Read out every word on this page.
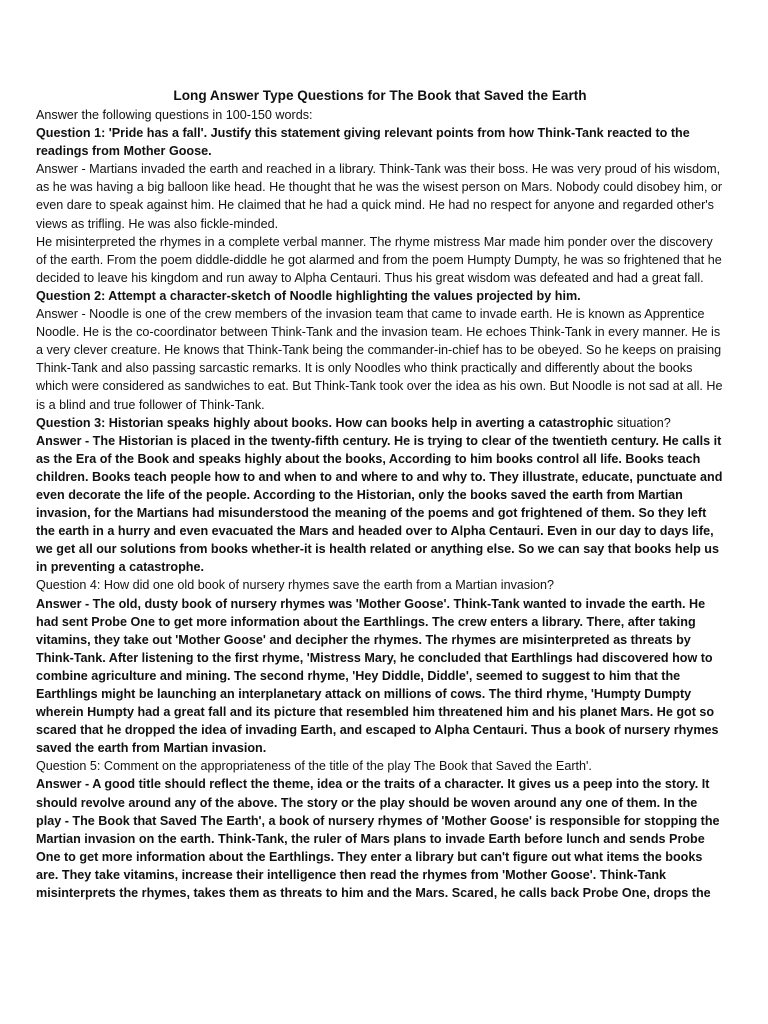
Long Answer Type Questions for The Book that Saved the Earth

Answer the following questions in 100-150 words:

Question 1: 'Pride has a fall'. Justify this statement giving relevant points from how Think-Tank reacted to the readings from Mother Goose.

Answer - Martians invaded the earth and reached in a library. Think-Tank was their boss. He was very proud of his wisdom, as he was having a big balloon like head. He thought that he was the wisest person on Mars. Nobody could disobey him, or even dare to speak against him. He claimed that he had a quick mind. He had no respect for anyone and regarded other's views as trifling. He was also fickle-minded.

He misinterpreted the rhymes in a complete verbal manner. The rhyme mistress Mar made him ponder over the discovery of the earth. From the poem diddle-diddle he got alarmed and from the poem Humpty Dumpty, he was so frightened that he decided to leave his kingdom and run away to Alpha Centauri. Thus his great wisdom was defeated and had a great fall.

Question 2: Attempt a character-sketch of Noodle highlighting the values projected by him.

Answer - Noodle is one of the crew members of the invasion team that came to invade earth. He is known as Apprentice Noodle. He is the co-coordinator between Think-Tank and the invasion team. He echoes Think-Tank in every manner. He is a very clever creature. He knows that Think-Tank being the commander-in-chief has to be obeyed. So he keeps on praising Think-Tank and also passing sarcastic remarks. It is only Noodles who think practically and differently about the books which were considered as sandwiches to eat. But Think-Tank took over the idea as his own. But Noodle is not sad at all. He is a blind and true follower of Think-Tank.

Question 3: Historian speaks highly about books. How can books help in averting a catastrophic situation?

Answer - The Historian is placed in the twenty-fifth century. He is trying to clear of the twentieth century. He calls it as the Era of the Book and speaks highly about the books, According to him books control all life. Books teach children. Books teach people how to and when to and where to and why to. They illustrate, educate, punctuate and even decorate the life of the people. According to the Historian, only the books saved the earth from Martian invasion, for the Martians had misunderstood the meaning of the poems and got frightened of them. So they left the earth in a hurry and even evacuated the Mars and headed over to Alpha Centauri. Even in our day to days life, we get all our solutions from books whether-it is health related or anything else. So we can say that books help us in preventing a catastrophe.

Question 4: How did one old book of nursery rhymes save the earth from a Martian invasion?

Answer - The old, dusty book of nursery rhymes was 'Mother Goose'. Think-Tank wanted to invade the earth. He had sent Probe One to get more information about the Earthlings. The crew enters a library. There, after taking vitamins, they take out 'Mother Goose' and decipher the rhymes. The rhymes are misinterpreted as threats by Think-Tank. After listening to the first rhyme, 'Mistress Mary, he concluded that Earthlings had discovered how to combine agriculture and mining. The second rhyme, 'Hey Diddle, Diddle', seemed to suggest to him that the Earthlings might be launching an interplanetary attack on millions of cows. The third rhyme, 'Humpty Dumpty wherein Humpty had a great fall and its picture that resembled him threatened him and his planet Mars. He got so scared that he dropped the idea of invading Earth, and escaped to Alpha Centauri. Thus a book of nursery rhymes saved the earth from Martian invasion.

Question 5: Comment on the appropriateness of the title of the play The Book that Saved the Earth'.

Answer - A good title should reflect the theme, idea or the traits of a character. It gives us a peep into the story. It should revolve around any of the above. The story or the play should be woven around any one of them. In the play - The Book that Saved The Earth', a book of nursery rhymes of 'Mother Goose' is responsible for stopping the Martian invasion on the earth. Think-Tank, the ruler of Mars plans to invade Earth before lunch and sends Probe One to get more information about the Earthlings. They enter a library but can't figure out what items the books are. They take vitamins, increase their intelligence then read the rhymes from 'Mother Goose'. Think-Tank misinterprets the rhymes, takes them as threats to him and the Mars. Scared, he calls back Probe One, drops the
